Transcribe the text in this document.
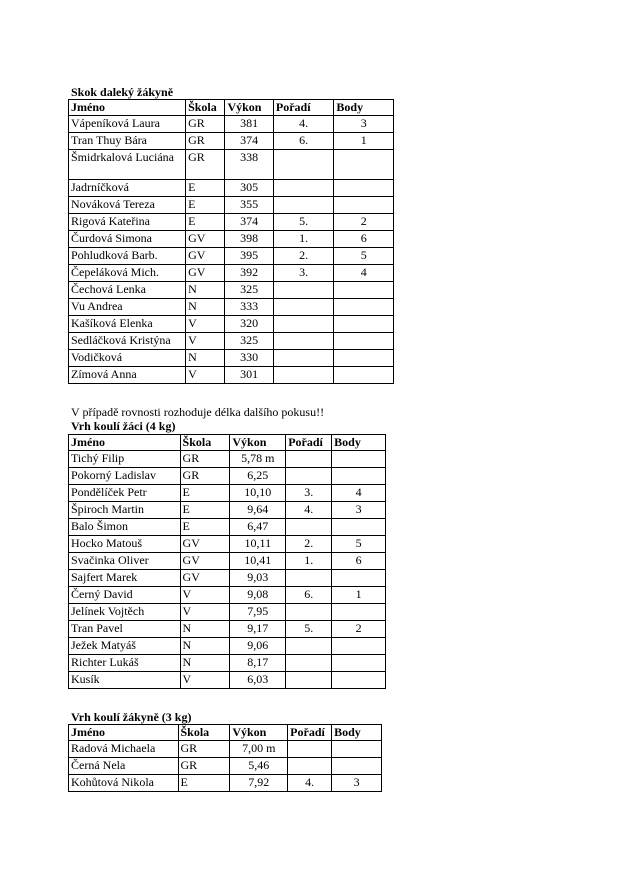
Skok daleký žákyně
Jméno	Škola	Výkon	Pořadí	Body
Vápeníková Laura	GR	381	4.	3
Tran Thuy Bára	GR	374	6.	1
Šmidrkalová Luciána	GR	338		
Jadrníčková	E	305		
Nováková Tereza	E	355		
Rigová Kateřina	E	374	5.	2
Čurdová Simona	GV	398	1.	6
Pohludková Barb.	GV	395	2.	5
Čepeláková Mich.	GV	392	3.	4
Čechová Lenka	N	325		
Vu Andrea	N	333		
Kašíková Elenka	V	320		
Sedláčková Kristýna	V	325		
Vodičková	N	330		
Zímová Anna	V	301		
V případě rovnosti rozhoduje délka dalšího pokusu!!
Vrh koulí žáci (4 kg)
Jméno	Škola	Výkon	Pořadí	Body
Tichý Filip	GR	5,78 m		
Pokorný Ladislav	GR	6,25		
Pondělíček Petr	E	10,10	3.	4
Špiroch Martin	E	9,64	4.	3
Balo Šimon	E	6,47		
Hocko Matouš	GV	10,11	2.	5
Svačinka Oliver	GV	10,41	1.	6
Sajfert Marek	GV	9,03		
Černý David	V	9,08	6.	1
Jelínek Vojtěch	V	7,95		
Tran Pavel	N	9,17	5.	2
Ježek Matyáš	N	9,06		
Richter Lukáš	N	8,17		
Kusík	V	6,03		
Vrh koulí žákyně (3 kg)
Jméno	Škola	Výkon	Pořadí	Body
Radová Michaela	GR	7,00 m		
Černá Nela	GR	5,46		
Kohůtová Nikola	E	7,92	4.	3
